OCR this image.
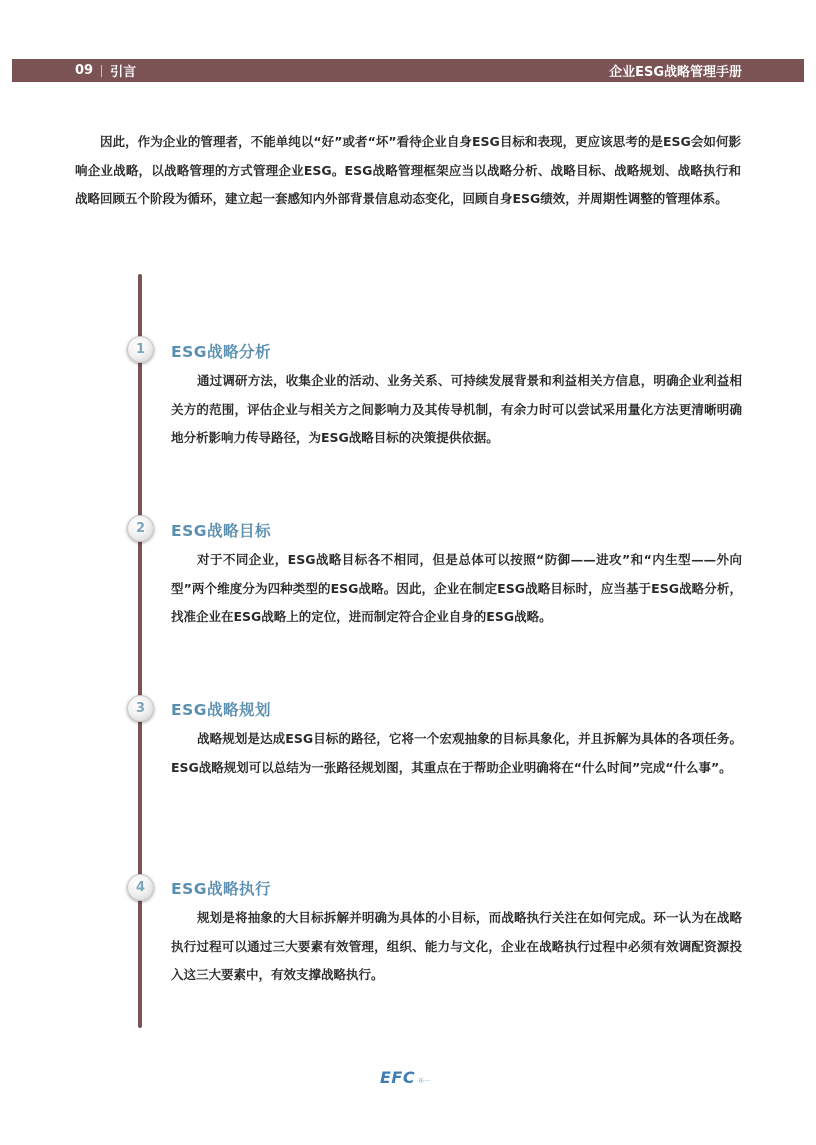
09 引言	企业ESG战略管理手册

因此，作为企业的管理者，不能单纯以“好”或者“坏”看待企业自身ESG目标和表现，更应该思考的是ESG会如何影响企业战略，以战略管理的方式管理企业ESG。ESG战略管理框架应当以战略分析、战略目标、战略规划、战略执行和战略回顾五个阶段为循环，建立起一套感知内外部背景信息动态变化，回顾自身ESG绩效，并周期性调整的管理体系。

1	ESG战略分析

通过调研方法，收集企业的活动、业务关系、可持续发展背景和利益相关方信息，明确企业利益相关方的范围，评估企业与相关方之间影响力及其传导机制，有余力时可以尝试采用量化方法更清晰明确地分析影响力传导路径，为ESG战略目标的决策提供依据。

2	ESG战略目标

对于不同企业，ESG战略目标各不相同，但是总体可以按照“防御——进攻”和“内生型——外向型”两个维度分为四种类型的ESG战略。因此，企业在制定ESG战略目标时，应当基于ESG战略分析，找准企业在ESG战略上的定位，进而制定符合企业自身的ESG战略。

3	ESG战略规划

战略规划是达成ESG目标的路径，它将一个宏观抽象的目标具象化，并且拆解为具体的各项任务。ESG战略规划可以总结为一张路径规划图，其重点在于帮助企业明确将在“什么时间”完成“什么事”。

4	ESG战略执行

规划是将抽象的大目标拆解并明确为具体的小目标，而战略执行关注在如何完成。环一认为在战略执行过程可以通过三大要素有效管理，组织、能力与文化，企业在战略执行过程中必须有效调配资源投入这三大要素中，有效支撑战略执行。

EFC 环一
